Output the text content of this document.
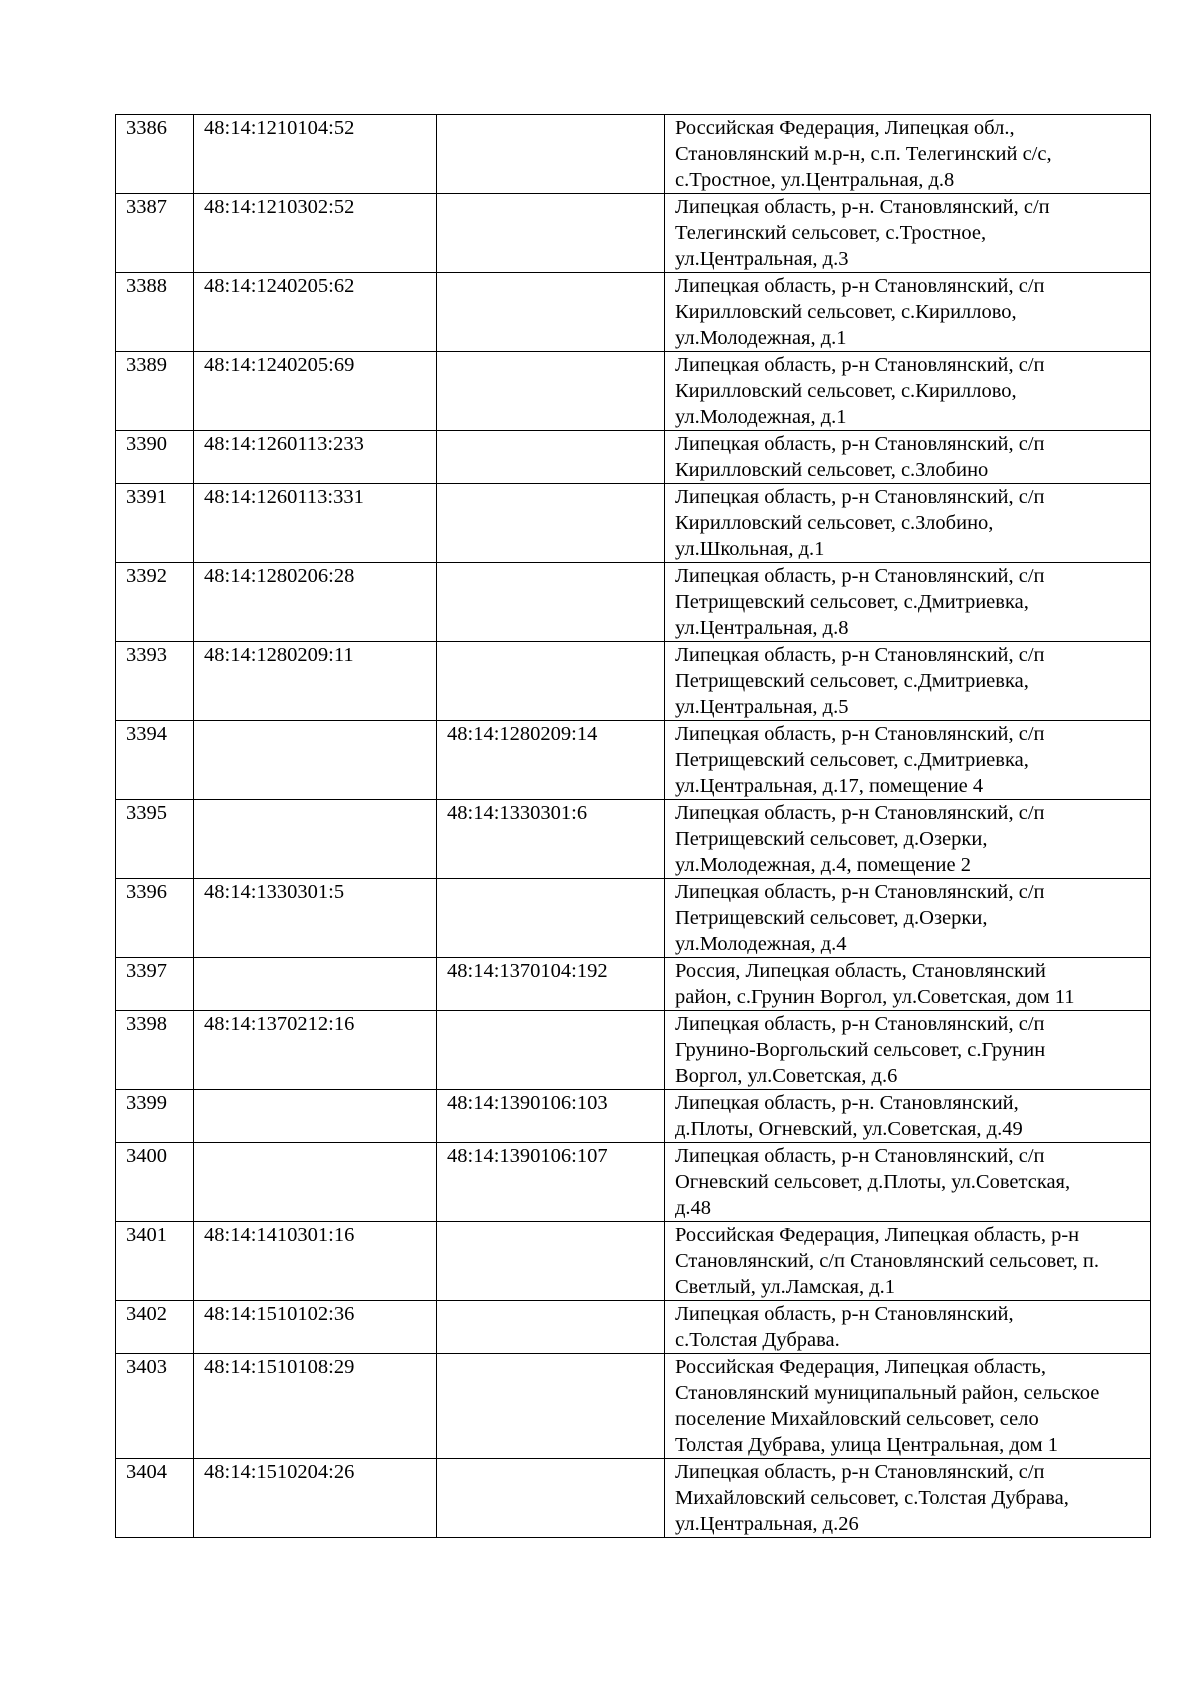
3386	48:14:1210104:52		Российская Федерация, Липецкая обл.,
Становлянский м.р-н, с.п. Телегинский с/с,
с.Тростное, ул.Центральная, д.8

3387	48:14:1210302:52		Липецкая область, р-н. Становлянский, с/п
Телегинский сельсовет, с.Тростное,
ул.Центральная, д.3

3388	48:14:1240205:62		Липецкая область, р-н Становлянский, с/п
Кирилловский сельсовет, с.Кириллово,
ул.Молодежная, д.1

3389	48:14:1240205:69		Липецкая область, р-н Становлянский, с/п
Кирилловский сельсовет, с.Кириллово,
ул.Молодежная, д.1

3390	48:14:1260113:233		Липецкая область, р-н Становлянский, с/п
Кирилловский сельсовет, с.Злобино

3391	48:14:1260113:331		Липецкая область, р-н Становлянский, с/п
Кирилловский сельсовет, с.Злобино,
ул.Школьная, д.1

3392	48:14:1280206:28		Липецкая область, р-н Становлянский, с/п
Петрищевский сельсовет, с.Дмитриевка,
ул.Центральная, д.8

3393	48:14:1280209:11		Липецкая область, р-н Становлянский, с/п
Петрищевский сельсовет, с.Дмитриевка,
ул.Центральная, д.5

3394		48:14:1280209:14	Липецкая область, р-н Становлянский, с/п
Петрищевский сельсовет, с.Дмитриевка,
ул.Центральная, д.17, помещение 4

3395		48:14:1330301:6	Липецкая область, р-н Становлянский, с/п
Петрищевский сельсовет, д.Озерки,
ул.Молодежная, д.4, помещение 2

3396	48:14:1330301:5		Липецкая область, р-н Становлянский, с/п
Петрищевский сельсовет, д.Озерки,
ул.Молодежная, д.4

3397		48:14:1370104:192	Россия, Липецкая область, Становлянский
район, с.Грунин Воргол, ул.Советская, дом 11

3398	48:14:1370212:16		Липецкая область, р-н Становлянский, с/п
Грунино-Воргольский сельсовет, с.Грунин
Воргол, ул.Советская, д.6

3399		48:14:1390106:103	Липецкая область, р-н. Становлянский,
д.Плоты, Огневский, ул.Советская, д.49

3400		48:14:1390106:107	Липецкая область, р-н Становлянский, с/п
Огневский сельсовет, д.Плоты, ул.Советская,
д.48

3401	48:14:1410301:16		Российская Федерация, Липецкая область, р-н
Становлянский, с/п Становлянский сельсовет, п.
Светлый, ул.Ламская, д.1

3402	48:14:1510102:36		Липецкая область, р-н Становлянский,
с.Толстая Дубрава.

3403	48:14:1510108:29		Российская Федерация, Липецкая область,
Становлянский муниципальный район, сельское
поселение Михайловский сельсовет, село
Толстая Дубрава, улица Центральная, дом 1

3404	48:14:1510204:26		Липецкая область, р-н Становлянский, с/п
Михайловский сельсовет, с.Толстая Дубрава,
ул.Центральная, д.26
